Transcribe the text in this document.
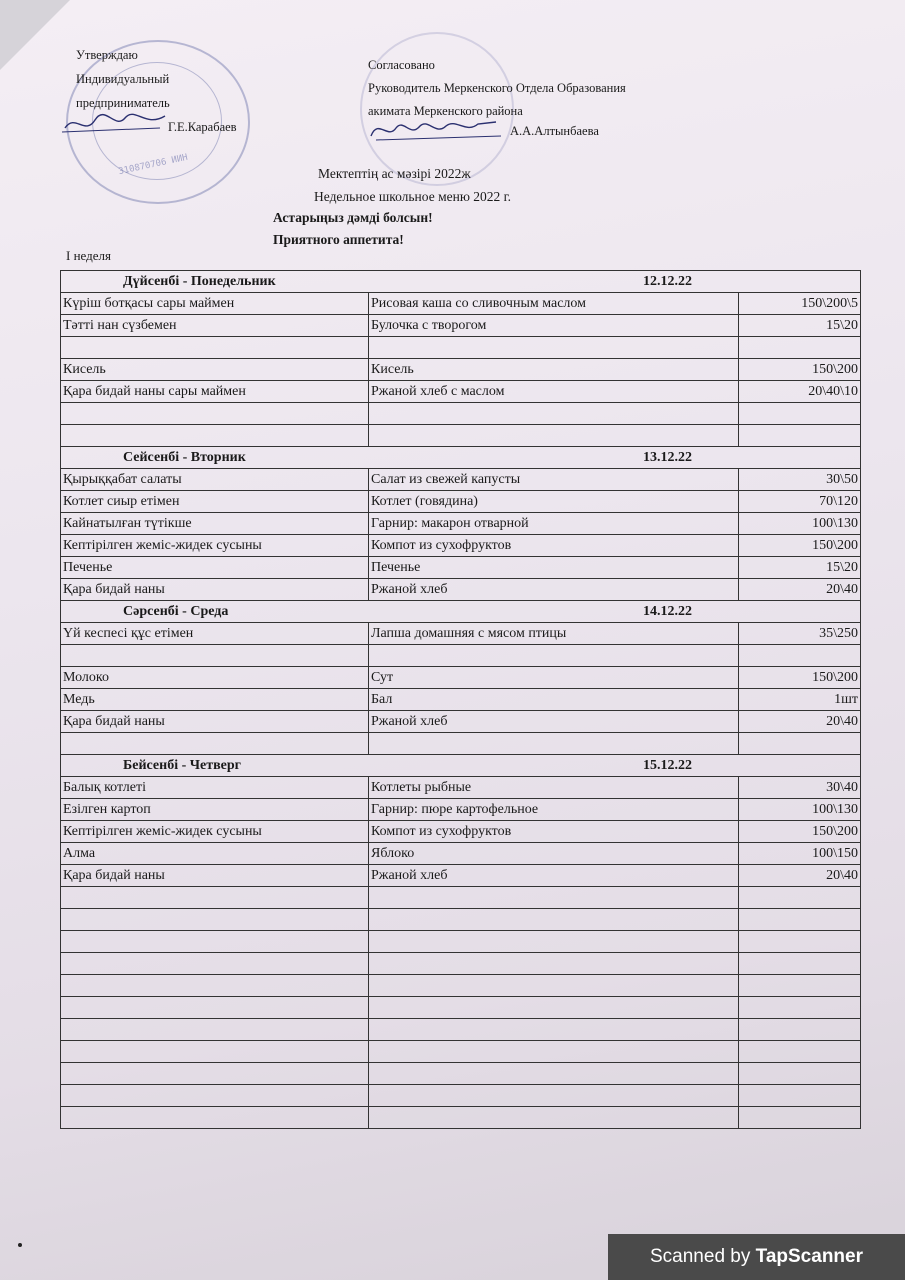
310870706 ИИН
Утверждаю
Индивидуальный
предприниматель
Г.Е.Карабаев
Согласовано
Руководитель Меркенского Отдела Образования
акимата Меркенского района
А.А.Алтынбаева
Мектептің ас мәзірі 2022ж
Недельное школьное меню 2022 г.
Астарыңыз дәмді болсын!
Приятного аппетита!
I неделя
Дүйсенбі - Понедельник 12.12.22		
Күріш ботқасы сары маймен	Рисовая каша со сливочным маслом	150\200\5
Тәтті нан сүзбемен	Булочка с творогом	15\20

Кисель	Кисель	150\200
Қара бидай наны сары маймен	Ржаной хлеб с маслом	20\40\10

Сейсенбі - Вторник 13.12.22		
Қырыққабат салаты	Салат из свежей капусты	30\50
Котлет сиыр етімен	Котлет (говядина)	70\120
Кайнатылған түтікше	Гарнир: макарон отварной	100\130
Кептірілген жеміс-жидек сусыны	Компот из сухофруктов	150\200
Печенье	Печенье	15\20
Қара бидай наны	Ржаной хлеб	20\40
Сәрсенбі - Среда 14.12.22		
Үй кеспесі құс етімен	Лапша домашняя с мясом птицы	35\250

Молоко	Сут	150\200
Медь	Бал	1шт
Қара бидай наны	Ржаной хлеб	20\40

Бейсенбі - Четверг 15.12.22		
Балық котлеті	Котлеты рыбные	30\40
Езілген картоп	Гарнир: пюре картофельное	100\130
Кептірілген жеміс-жидек сусыны	Компот из сухофруктов	150\200
Алма	Яблоко	100\150
Қара бидай наны	Ржаной хлеб	20\40

Scanned by TapScanner
